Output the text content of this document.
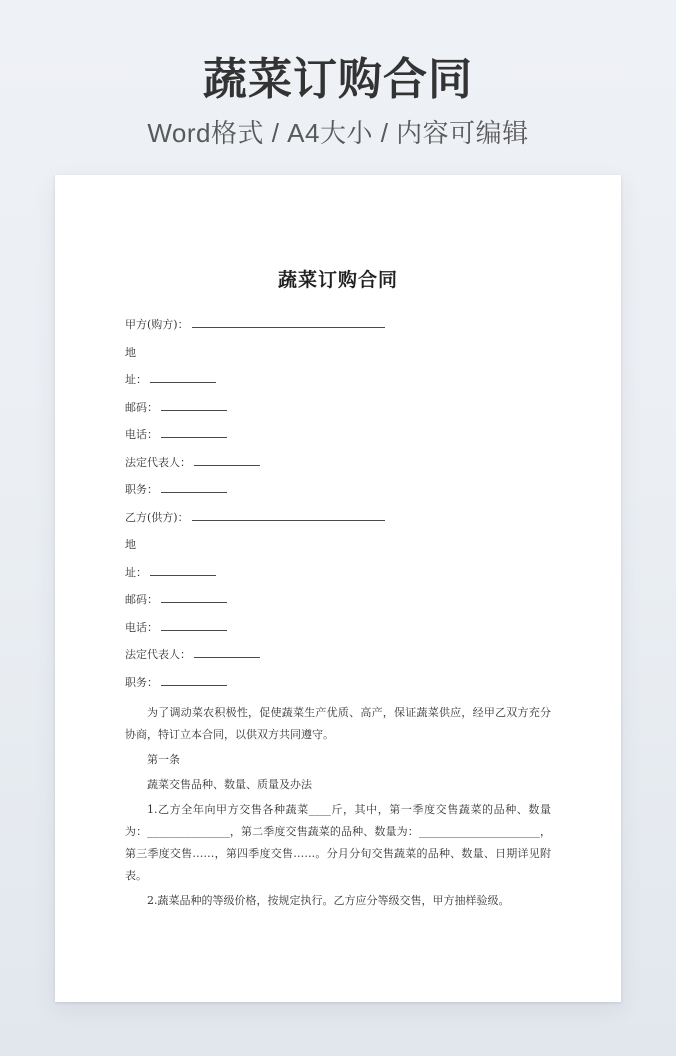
蔬菜订购合同
Word格式 / A4大小 / 内容可编辑
蔬菜订购合同
甲方(购方)：
地
址：
邮码：
电话：
法定代表人：
职务：
乙方(供方)：
地
址：
邮码：
电话：
法定代表人：
职务：

为了调动菜农积极性，促使蔬菜生产优质、高产，保证蔬菜供应，经甲乙双方充分协商，特订立本合同，以供双方共同遵守。

第一条

蔬菜交售品种、数量、质量及办法

1.乙方全年向甲方交售各种蔬菜____斤，其中，第一季度交售蔬菜的品种、数量为：_______________，第二季度交售蔬菜的品种、数量为：______________________，第三季度交售……，第四季度交售……。分月分旬交售蔬菜的品种、数量、日期详见附表。

2.蔬菜品种的等级价格，按规定执行。乙方应分等级交售，甲方抽样验级。
